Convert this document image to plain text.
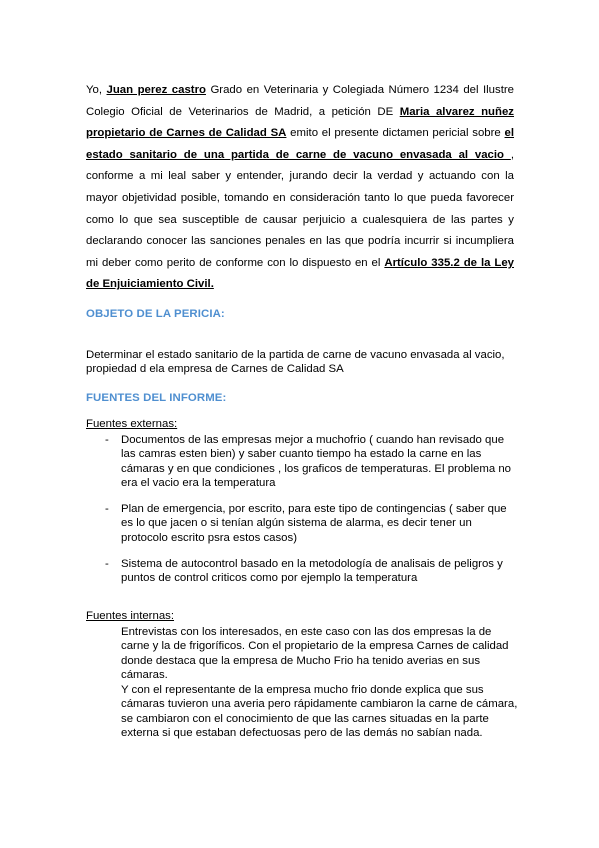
Yo, Juan perez castro Grado en Veterinaria y Colegiada Número 1234 del Ilustre Colegio Oficial de Veterinarios de Madrid, a petición DE Maria alvarez nuñez propietario de Carnes de Calidad SA emito el presente dictamen pericial sobre el estado sanitario de una partida de carne de vacuno envasada al vacio , conforme a mi leal saber y entender, jurando decir la verdad y actuando con la mayor objetividad posible, tomando en consideración tanto lo que pueda favorecer como lo que sea susceptible de causar perjuicio a cualesquiera de las partes y declarando conocer las sanciones penales en las que podría incurrir si incumpliera mi deber como perito de conforme con lo dispuesto en el Artículo 335.2 de la Ley de Enjuiciamiento Civil.
OBJETO DE LA PERICIA:
Determinar el estado sanitario de la partida de carne de vacuno envasada al vacio, propiedad d ela empresa de Carnes de Calidad SA
FUENTES DEL INFORME:
Fuentes externas:
-	Documentos de las empresas mejor a muchofrio ( cuando han revisado que las camras esten bien) y saber cuanto tiempo ha estado la carne en las cámaras y en que condiciones , los graficos de temperaturas. El problema no era el vacio era la temperatura
-	Plan de emergencia, por escrito, para este tipo de contingencias ( saber que es lo que jacen o si tenían algún sistema de alarma, es decir tener un protocolo escrito psra estos casos)
-	Sistema de autocontrol basado en la metodología de analisais de peligros y puntos de control criticos como por ejemplo la temperatura
Fuentes internas:
Entrevistas con los interesados, en este caso con las dos empresas la de carne y la de frigoríficos. Con el propietario de la empresa Carnes de calidad donde destaca que la empresa de Mucho Frio ha tenido averias en sus cámaras.
Y con el representante de la empresa mucho frio donde explica que sus cámaras tuvieron una averia pero rápidamente cambiaron la carne de cámara, se cambiaron con el conocimiento de que las carnes situadas en la parte externa si que estaban defectuosas pero de las demás no sabían nada.
